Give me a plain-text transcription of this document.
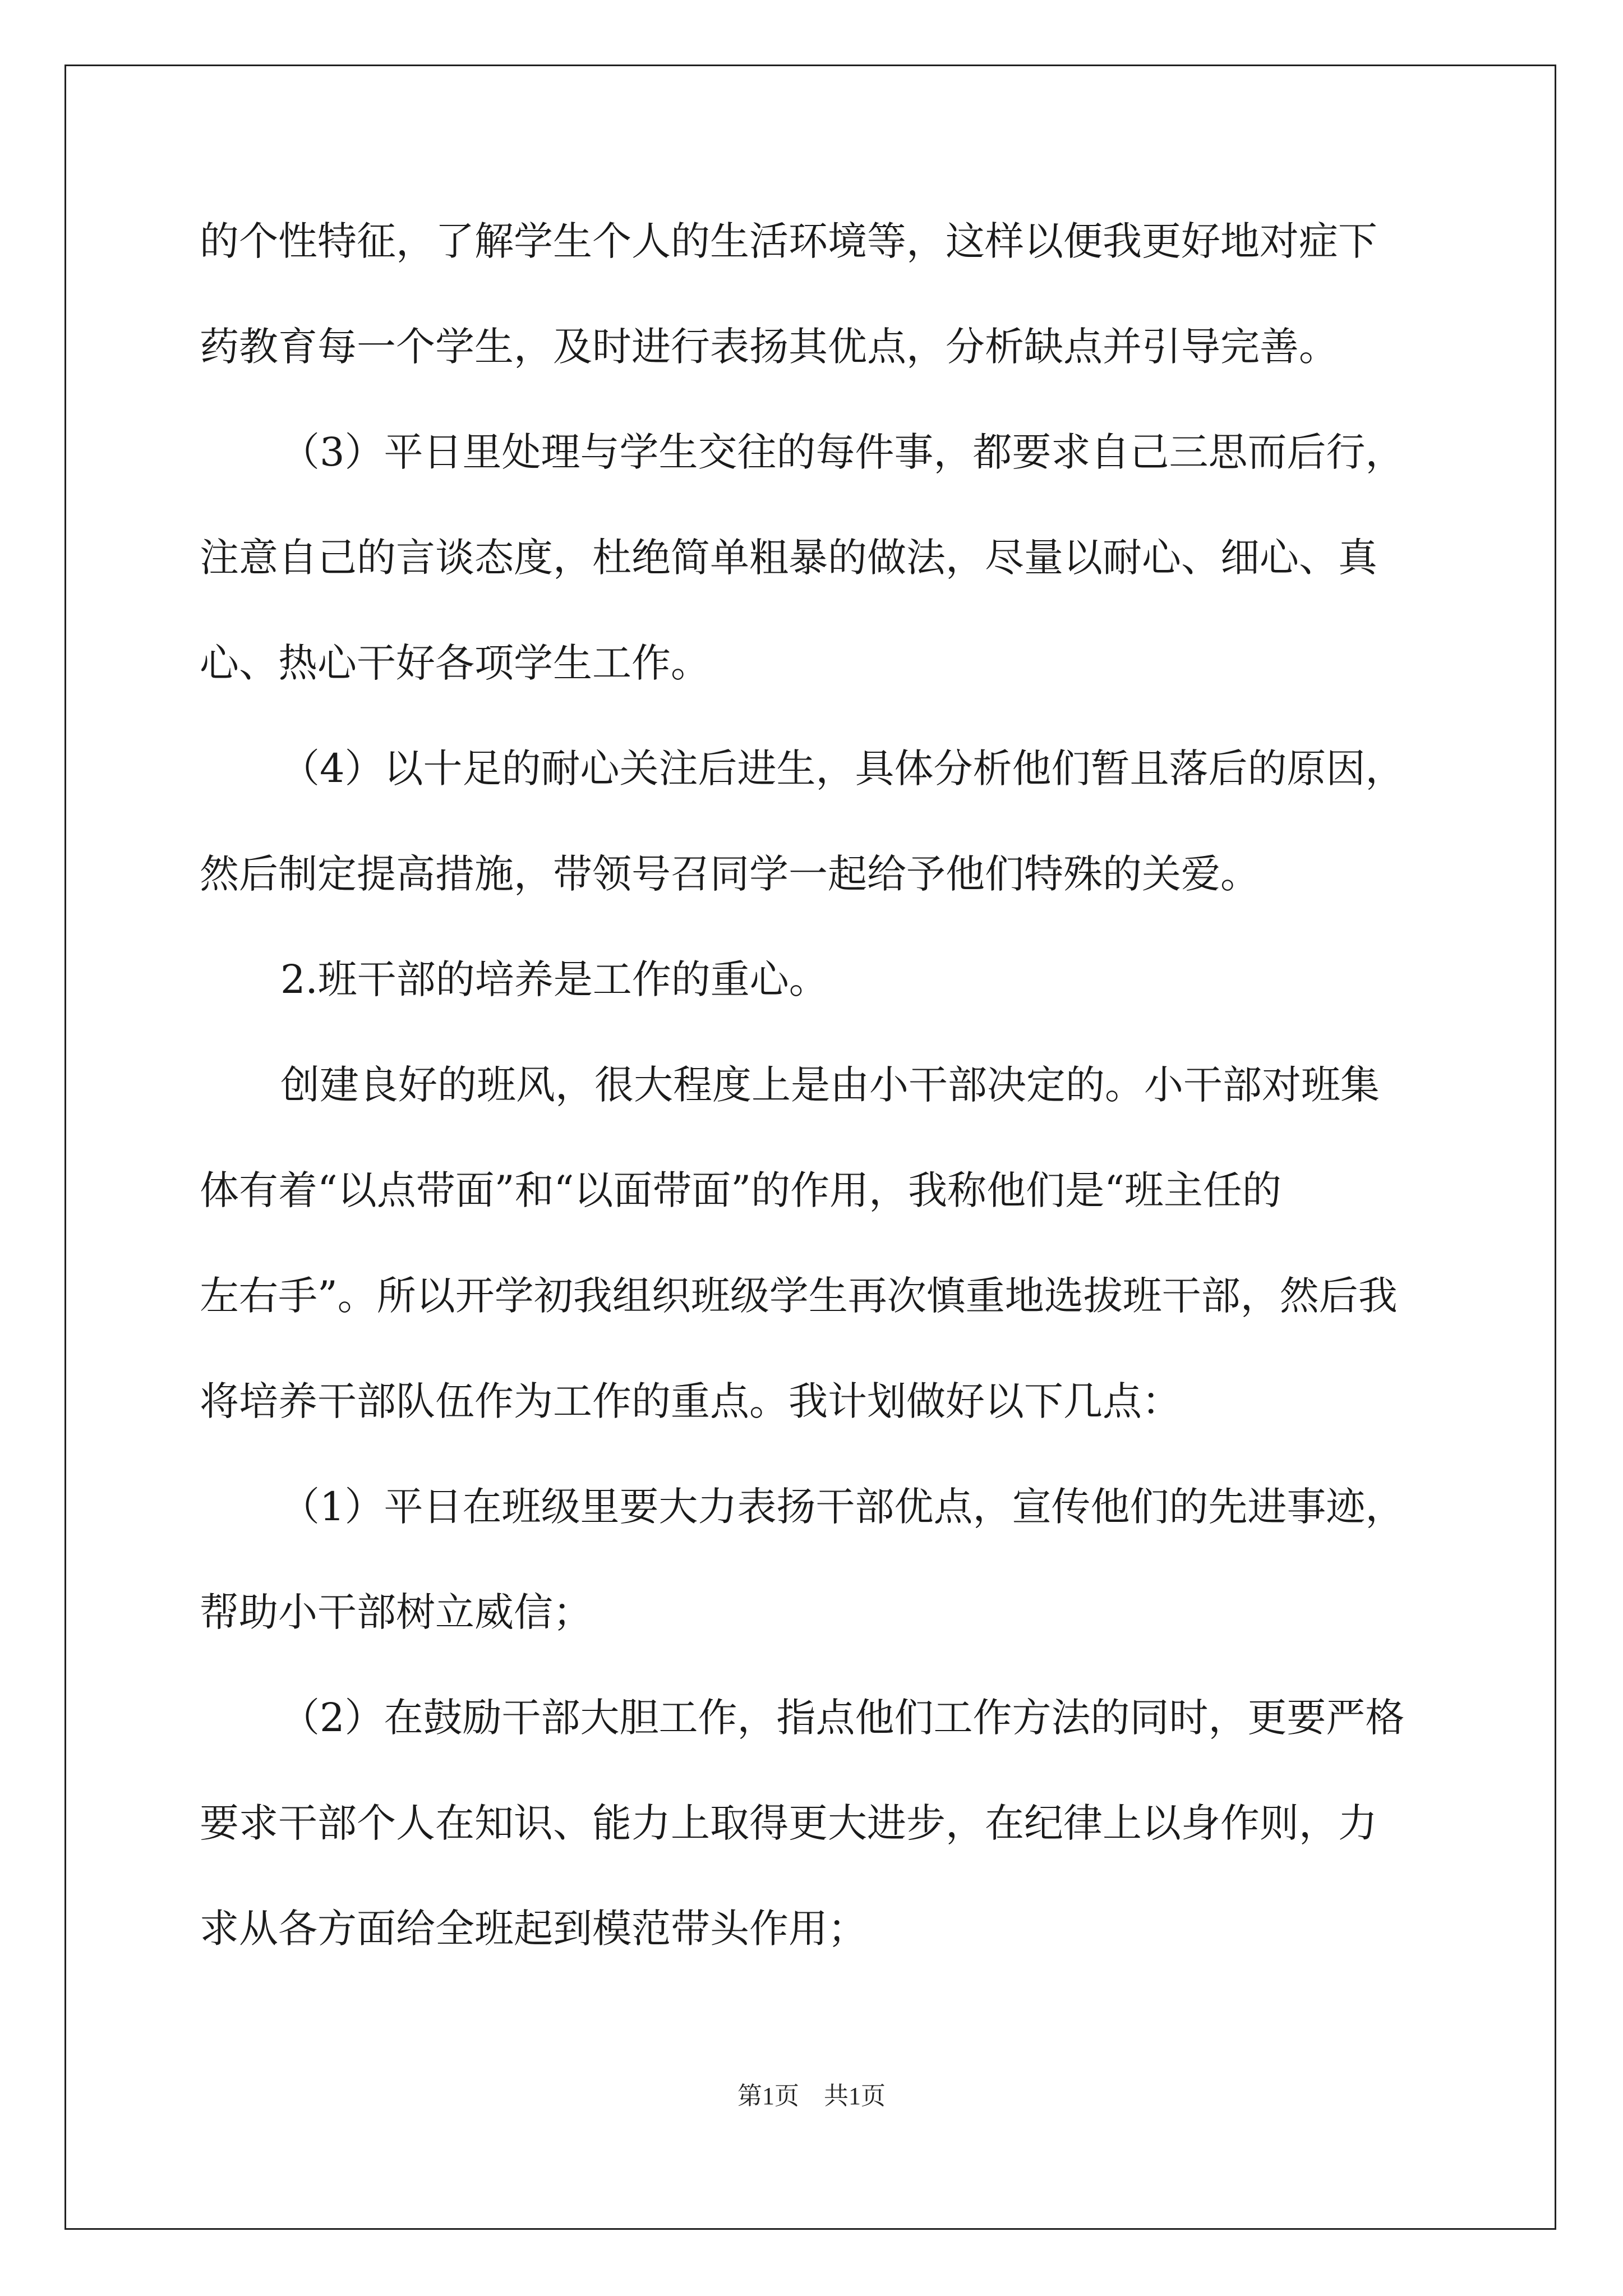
的个性特征，了解学生个人的生活环境等，这样以便我更好地对症下
药教育每一个学生，及时进行表扬其优点，分析缺点并引导完善。
（3）平日里处理与学生交往的每件事，都要求自己三思而后行，
注意自己的言谈态度，杜绝简单粗暴的做法，尽量以耐心、细心、真
心、热心干好各项学生工作。
（4）以十足的耐心关注后进生，具体分析他们暂且落后的原因，
然后制定提高措施，带领号召同学一起给予他们特殊的关爱。
2.班干部的培养是工作的重心。
创建良好的班风，很大程度上是由小干部决定的。小干部对班集
体有着“以点带面”和“以面带面”的作用，我称他们是“班主任的
左右手”。所以开学初我组织班级学生再次慎重地选拔班干部，然后我
将培养干部队伍作为工作的重点。我计划做好以下几点：
（1）平日在班级里要大力表扬干部优点，宣传他们的先进事迹，
帮助小干部树立威信；
（2）在鼓励干部大胆工作，指点他们工作方法的同时，更要严格
要求干部个人在知识、能力上取得更大进步，在纪律上以身作则，力
求从各方面给全班起到模范带头作用；
第1页　共1页
